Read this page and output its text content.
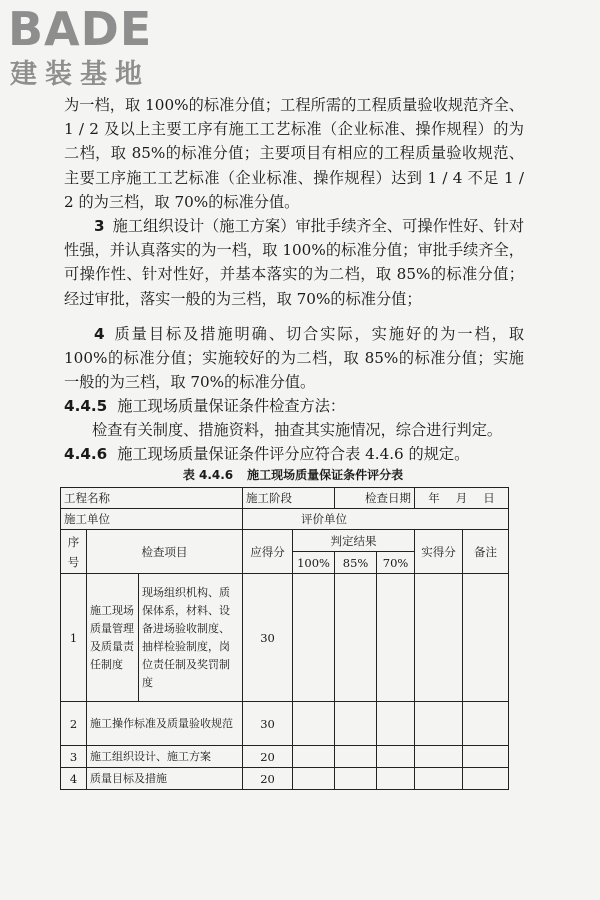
BADE
建装基地

为一档，取 100%的标准分值；工程所需的工程质量验收规范齐全、1 / 2 及以上主要工序有施工工艺标准（企业标准、操作规程）的为二档，取 85%的标准分值；主要项目有相应的工程质量验收规范、主要工序施工工艺标准（企业标准、操作规程）达到 1 / 4 不足 1 / 2 的为三档，取 70%的标准分值。

3 施工组织设计（施工方案）审批手续齐全、可操作性好、针对性强，并认真落实的为一档，取 100%的标准分值；审批手续齐全，可操作性、针对性好，并基本落实的为二档，取 85%的标准分值；经过审批，落实一般的为三档，取 70%的标准分值；

4 质量目标及措施明确、切合实际，实施好的为一档，取 100%的标准分值；实施较好的为二档，取 85%的标准分值；实施一般的为三档，取 70%的标准分值。

4.4.5 施工现场质量保证条件检查方法：
检查有关制度、措施资料，抽查其实施情况，综合进行判定。
4.4.6 施工现场质量保证条件评分应符合表 4.4.6 的规定。
表 4.4.6 施工现场质量保证条件评分表
工程名称			施工阶段		检查日期		年 月 日	
施工单位			评价单位					
序号	检查项目		应得分	判定结果			实得分	备注
				100%	85%	70%		
1	施工现场质量管理及质量责任制度	现场组织机构、质保体系，材料、设备进场验收制度、抽样检验制度，岗位责任制及奖罚制度	30					
2	施工操作标准及质量验收规范		30					
3	施工组织设计、施工方案		20					
4	质量目标及措施		20					
